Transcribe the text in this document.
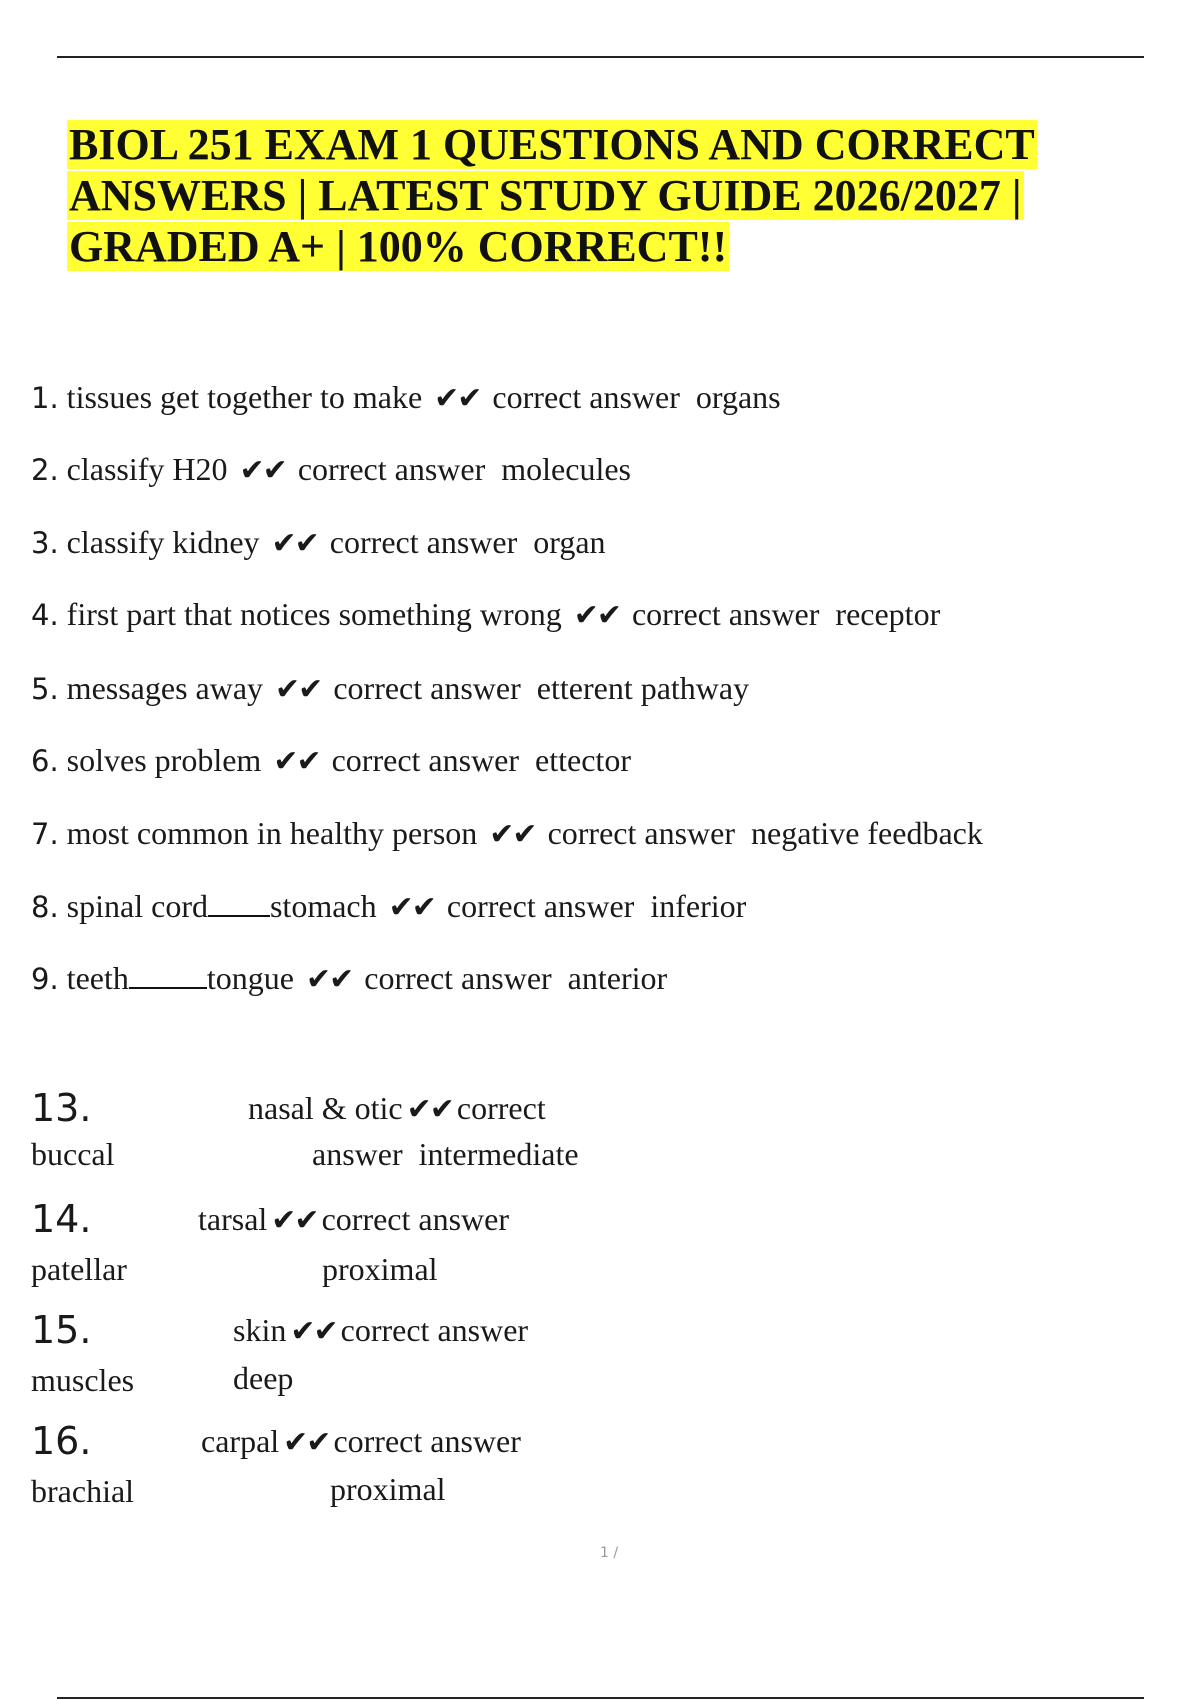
BIOL 251 EXAM 1 QUESTIONS AND CORRECT ANSWERS | LATEST STUDY GUIDE 2026/2027 | GRADED A+ | 100% CORRECT!!
1. tissues get together to make ✔✔ correct answer organs
2. classify H20 ✔✔ correct answer molecules
3. classify kidney ✔✔ correct answer organ
4. first part that notices something wrong ✔✔ correct answer receptor
5. messages away ✔✔ correct answer etterent pathway
6. solves problem ✔✔ correct answer ettector
7. most common in healthy person ✔✔ correct answer negative feedback
8. spinal cord stomach ✔✔ correct answer inferior
9. teeth tongue ✔✔ correct answer anterior
13.
buccal
nasal & otic ✔✔ correct
answer intermediate
14.
patellar
tarsal ✔✔ correct answer
proximal
15.
muscles
skin ✔✔ correct answer
deep
16.
brachial
carpal ✔✔ correct answer
proximal
1 /
